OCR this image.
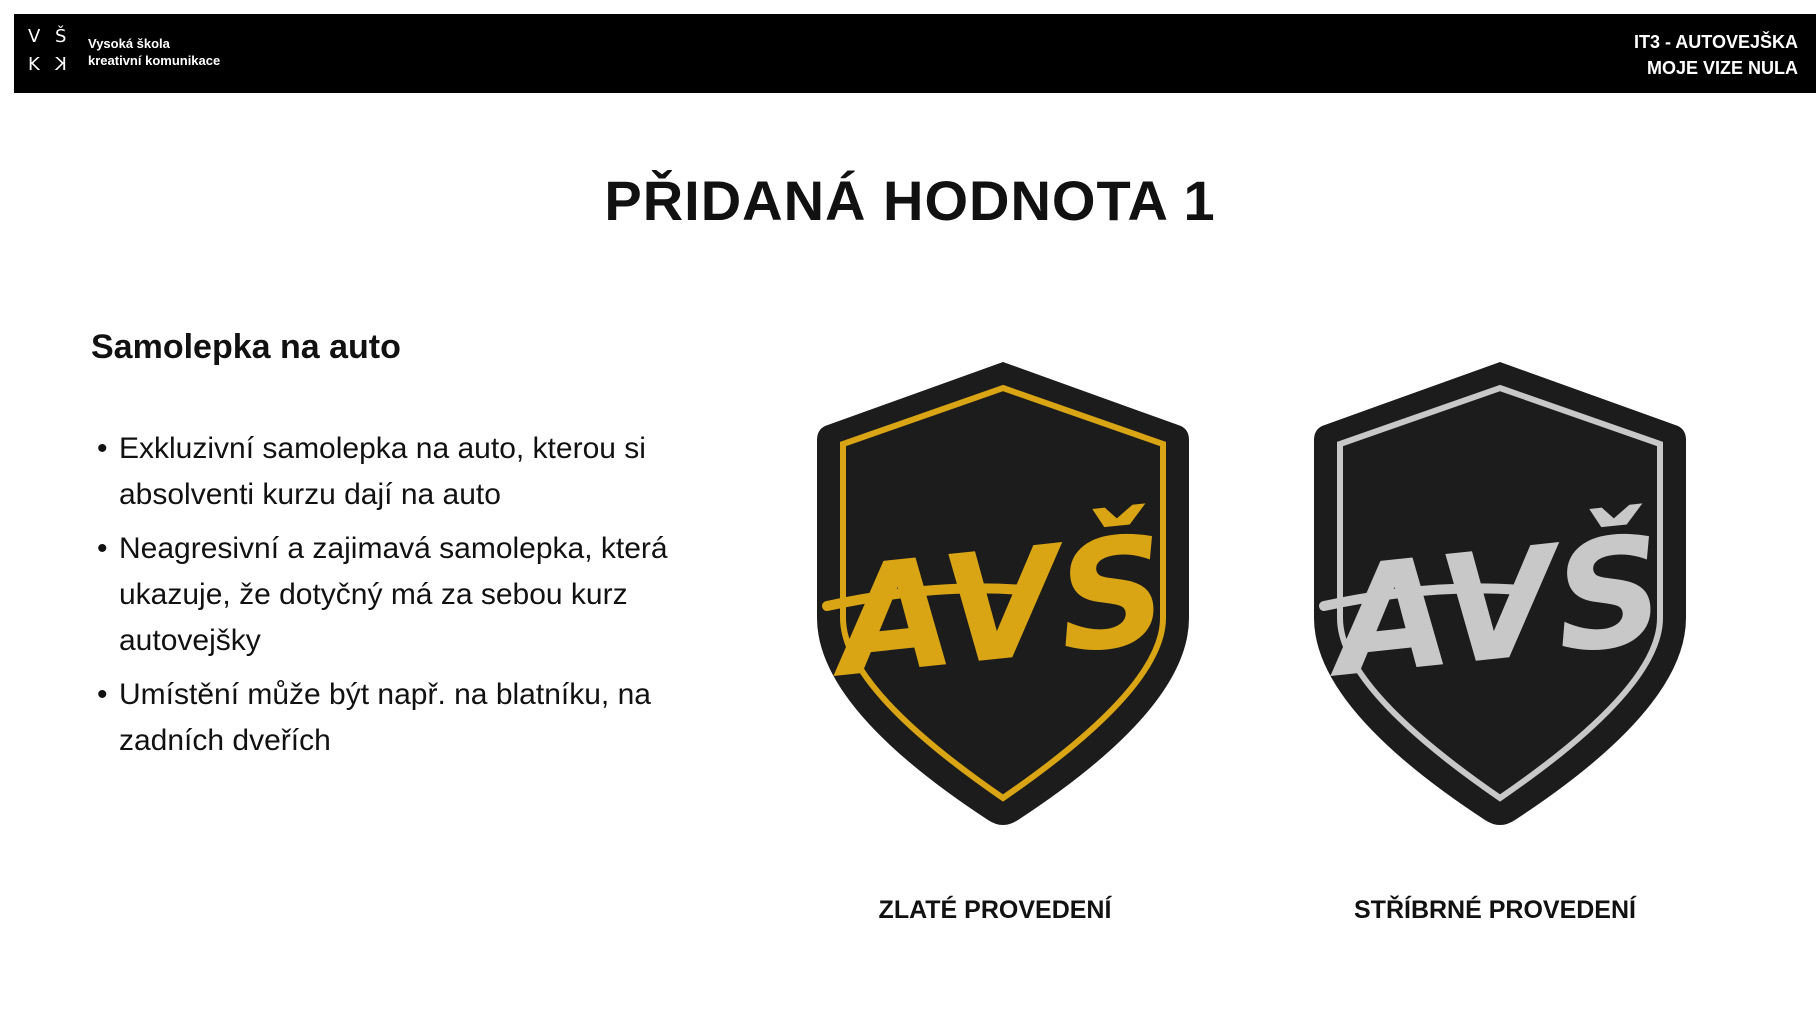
V Š
K K
Vysoká škola
kreativní komunikace
IT3 - AUTOVEJŠKA
MOJE VIZE NULA
PŘIDANÁ HODNOTA 1
Samolepka na auto
• Exkluzivní samolepka na auto, kterou si absolventi kurzu dají na auto
• Neagresivní a zajimavá samolepka, která ukazuje, že dotyčný má za sebou kurz autovejšky
• Umístění může být např. na blatníku, na zadních dveřích
AVŠ AVŠ
ZLATÉ PROVEDENÍ	STŘÍBRNÉ PROVEDENÍ
